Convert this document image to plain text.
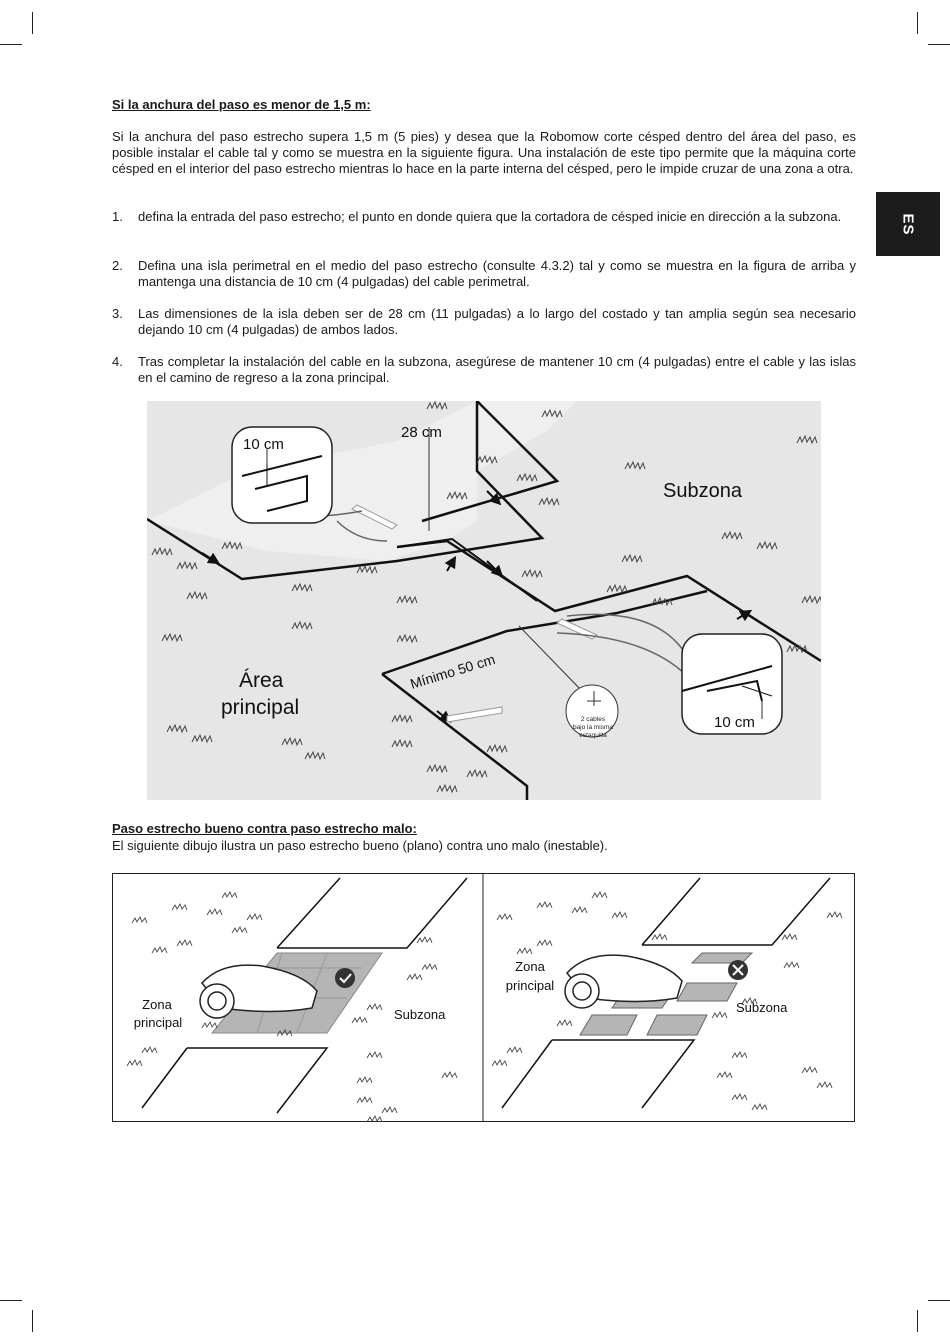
ES
Si la anchura del paso es menor de 1,5 m:
Si la anchura del paso estrecho supera 1,5 m (5 pies) y desea que la Robomow corte césped dentro del área del paso, es posible instalar el cable tal y como se muestra en la siguiente figura. Una instalación de este tipo permite que la máquina corte césped en el interior del paso estrecho mientras lo hace en la parte interna del césped, pero le impide cruzar de una zona a otra.
1. defina la entrada del paso estrecho; el punto en donde quiera que la cortadora de césped inicie en dirección a la subzona.
2. Defina una isla perimetral en el medio del paso estrecho (consulte 4.3.2) tal y como se muestra en la figura de arriba y mantenga una distancia de 10 cm (4 pulgadas) del cable perimetral.
3. Las dimensiones de la isla deben ser de 28 cm (11 pulgadas) a lo largo del costado y tan amplia según sea necesario dejando 10 cm (4 pulgadas) de ambos lados.
4. Tras completar la instalación del cable en la subzona, asegúrese de mantener 10 cm (4 pulgadas) entre el cable y las islas en el camino de regreso a la zona principal.
10 cm
28 cm
Subzona
Área
principal
Mínimo 50 cm
10 cm
2 cables
bajo la misma
estaquilla
Paso estrecho bueno contra paso estrecho malo:
El siguiente dibujo ilustra un paso estrecho bueno (plano) contra uno malo (inestable).
Zona
principal
Subzona
Zona
principal
Subzona
